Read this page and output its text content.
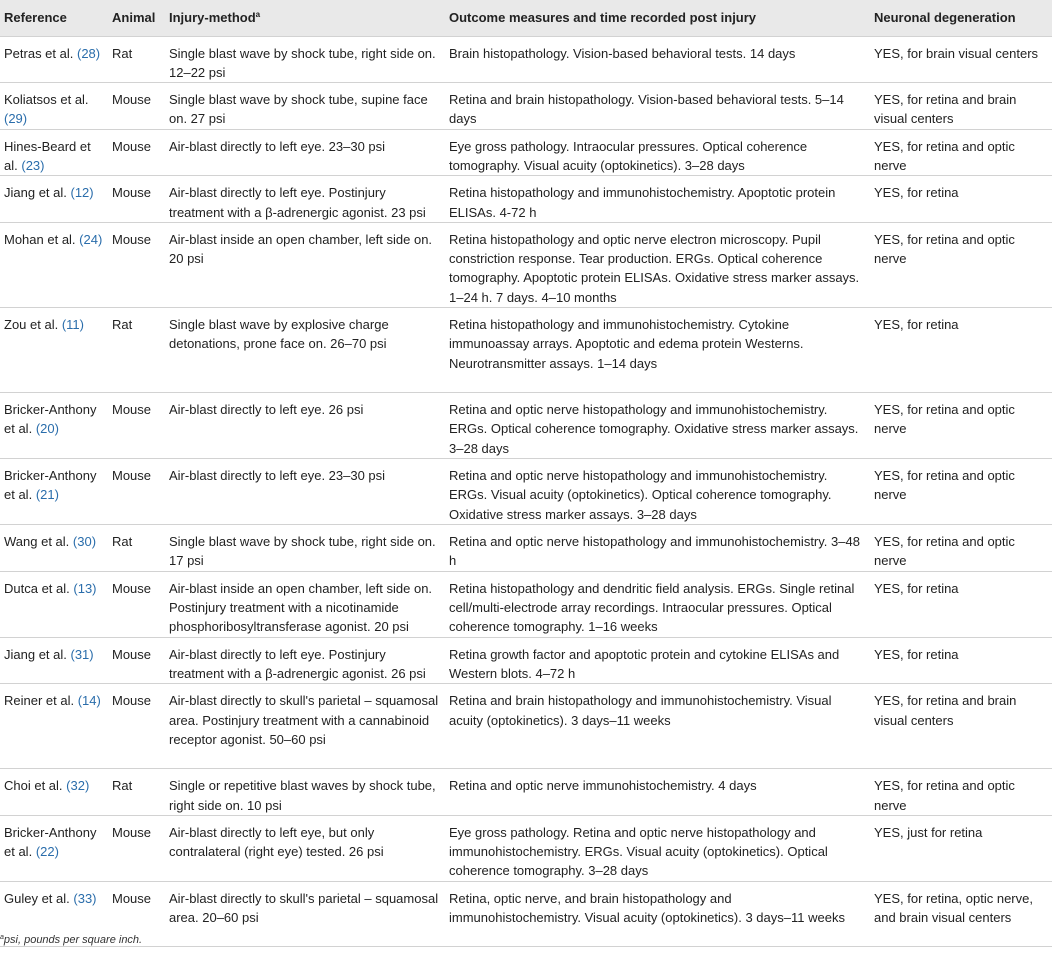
Reference	Animal	Injury-method$^a$	Outcome measures and time recorded post injury	Neuronal degeneration
Petras et al. (28)	Rat	Single blast wave by shock tube, right side on. 12–22 psi	Brain histopathology. Vision-based behavioral tests. 14 days	YES, for brain visual centers
Koliatsos et al. (29)	Mouse	Single blast wave by shock tube, supine face on. 27 psi	Retina and brain histopathology. Vision-based behavioral tests. 5–14 days	YES, for retina and brain visual centers
Hines-Beard et al. (23)	Mouse	Air-blast directly to left eye. 23–30 psi	Eye gross pathology. Intraocular pressures. Optical coherence tomography. Visual acuity (optokinetics). 3–28 days	YES, for retina and optic nerve
Jiang et al. (12)	Mouse	Air-blast directly to left eye. Postinjury treatment with a β-adrenergic agonist. 23 psi	Retina histopathology and immunohistochemistry. Apoptotic protein ELISAs. 4-72 h	YES, for retina
Mohan et al. (24)	Mouse	Air-blast inside an open chamber, left side on. 20 psi	Retina histopathology and optic nerve electron microscopy. Pupil constriction response. Tear production. ERGs. Optical coherence tomography. Apoptotic protein ELISAs. Oxidative stress marker assays. 1–24 h. 7 days. 4–10 months	YES, for retina and optic nerve
Zou et al. (11)	Rat	Single blast wave by explosive charge detonations, prone face on. 26–70 psi	Retina histopathology and immunohistochemistry. Cytokine immunoassay arrays. Apoptotic and edema protein Westerns. Neurotransmitter assays. 1–14 days	YES, for retina
Bricker-Anthony et al. (20)	Mouse	Air-blast directly to left eye. 26 psi	Retina and optic nerve histopathology and immunohistochemistry. ERGs. Optical coherence tomography. Oxidative stress marker assays. 3–28 days	YES, for retina and optic nerve
Bricker-Anthony et al. (21)	Mouse	Air-blast directly to left eye. 23–30 psi	Retina and optic nerve histopathology and immunohistochemistry. ERGs. Visual acuity (optokinetics). Optical coherence tomography. Oxidative stress marker assays. 3–28 days	YES, for retina and optic nerve
Wang et al. (30)	Rat	Single blast wave by shock tube, right side on. 17 psi	Retina and optic nerve histopathology and immunohistochemistry. 3–48 h	YES, for retina and optic nerve
Dutca et al. (13)	Mouse	Air-blast inside an open chamber, left side on. Postinjury treatment with a nicotinamide phosphoribosyltransferase agonist. 20 psi	Retina histopathology and dendritic field analysis. ERGs. Single retinal cell/multi-electrode array recordings. Intraocular pressures. Optical coherence tomography. 1–16 weeks	YES, for retina
Jiang et al. (31)	Mouse	Air-blast directly to left eye. Postinjury treatment with a β-adrenergic agonist. 26 psi	Retina growth factor and apoptotic protein and cytokine ELISAs and Western blots. 4–72 h	YES, for retina
Reiner et al. (14)	Mouse	Air-blast directly to skull's parietal – squamosal area. Postinjury treatment with a cannabinoid receptor agonist. 50–60 psi	Retina and brain histopathology and immunohistochemistry. Visual acuity (optokinetics). 3 days–11 weeks	YES, for retina and brain visual centers
Choi et al. (32)	Rat	Single or repetitive blast waves by shock tube, right side on. 10 psi	Retina and optic nerve immunohistochemistry. 4 days	YES, for retina and optic nerve
Bricker-Anthony et al. (22)	Mouse	Air-blast directly to left eye, but only contralateral (right eye) tested. 26 psi	Eye gross pathology. Retina and optic nerve histopathology and immunohistochemistry. ERGs. Visual acuity (optokinetics). Optical coherence tomography. 3–28 days	YES, just for retina
Guley et al. (33)	Mouse	Air-blast directly to skull's parietal – squamosal area. 20–60 psi	Retina, optic nerve, and brain histopathology and immunohistochemistry. Visual acuity (optokinetics). 3 days–11 weeks	YES, for retina, optic nerve, and brain visual centers
$^a$psi, pounds per square inch.
